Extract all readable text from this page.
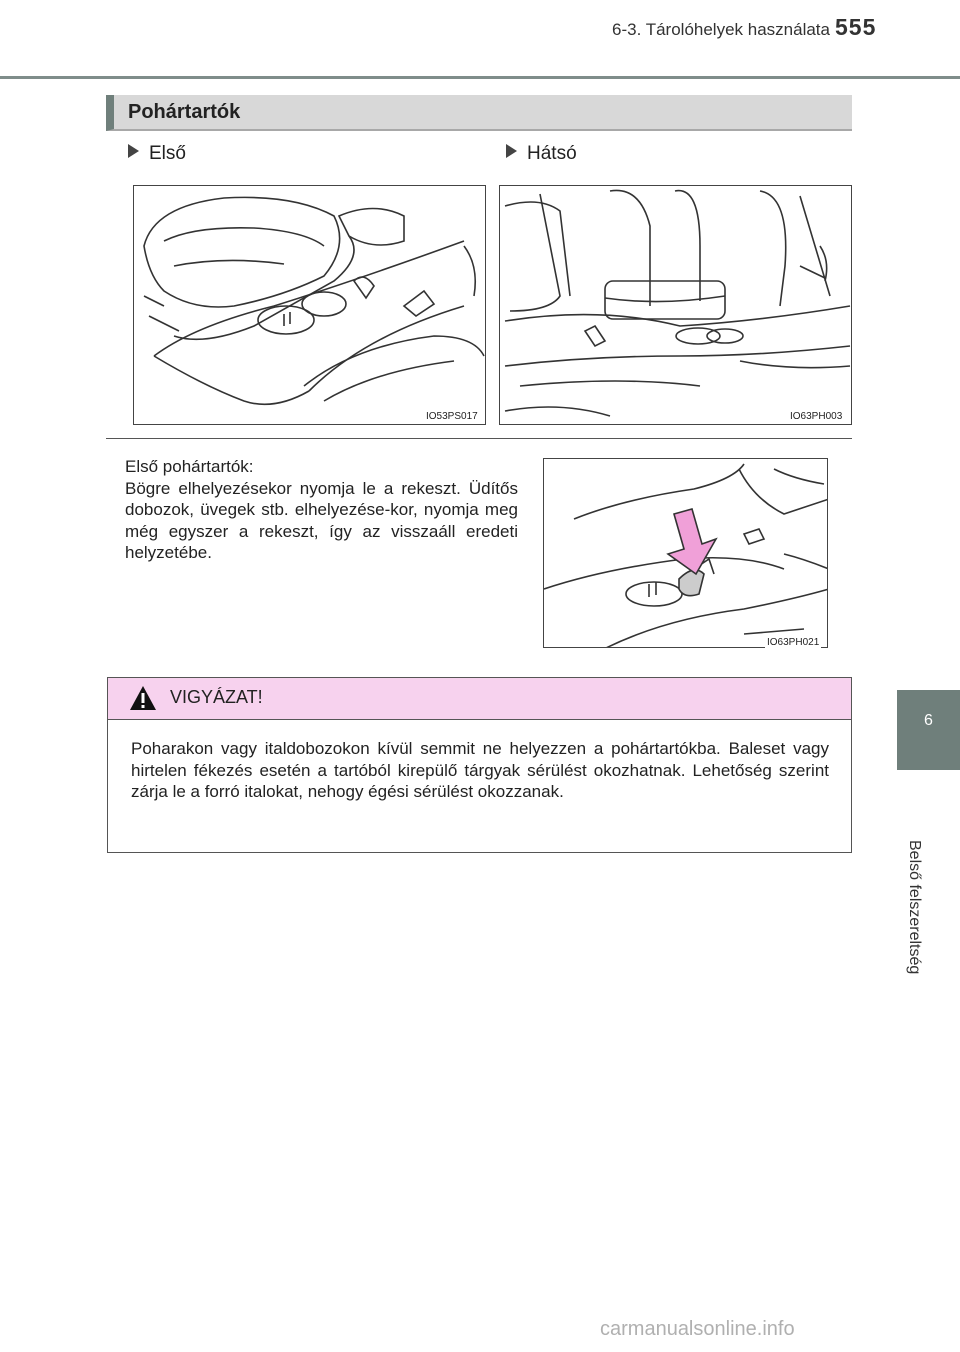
6-3. Tárolóhelyek használata 555
6
Belső felszereltség
Pohártartók
Első	Hátsó
IO53PS017	IO63PH003
Első pohártartók:
Bögre elhelyezésekor nyomja le a rekeszt. Üdítős dobozok, üvegek stb. elhelyezése-kor, nyomja meg még egyszer a rekeszt, így az visszaáll eredeti helyzetébe.
IO63PH021
VIGYÁZAT!
Poharakon vagy italdobozokon kívül semmit ne helyezzen a pohártartókba. Baleset vagy hirtelen fékezés esetén a tartóból kirepülő tárgyak sérülést okozhatnak. Lehetőség szerint zárja le a forró italokat, nehogy égési sérülést okozzanak.
carmanualsonline.info
